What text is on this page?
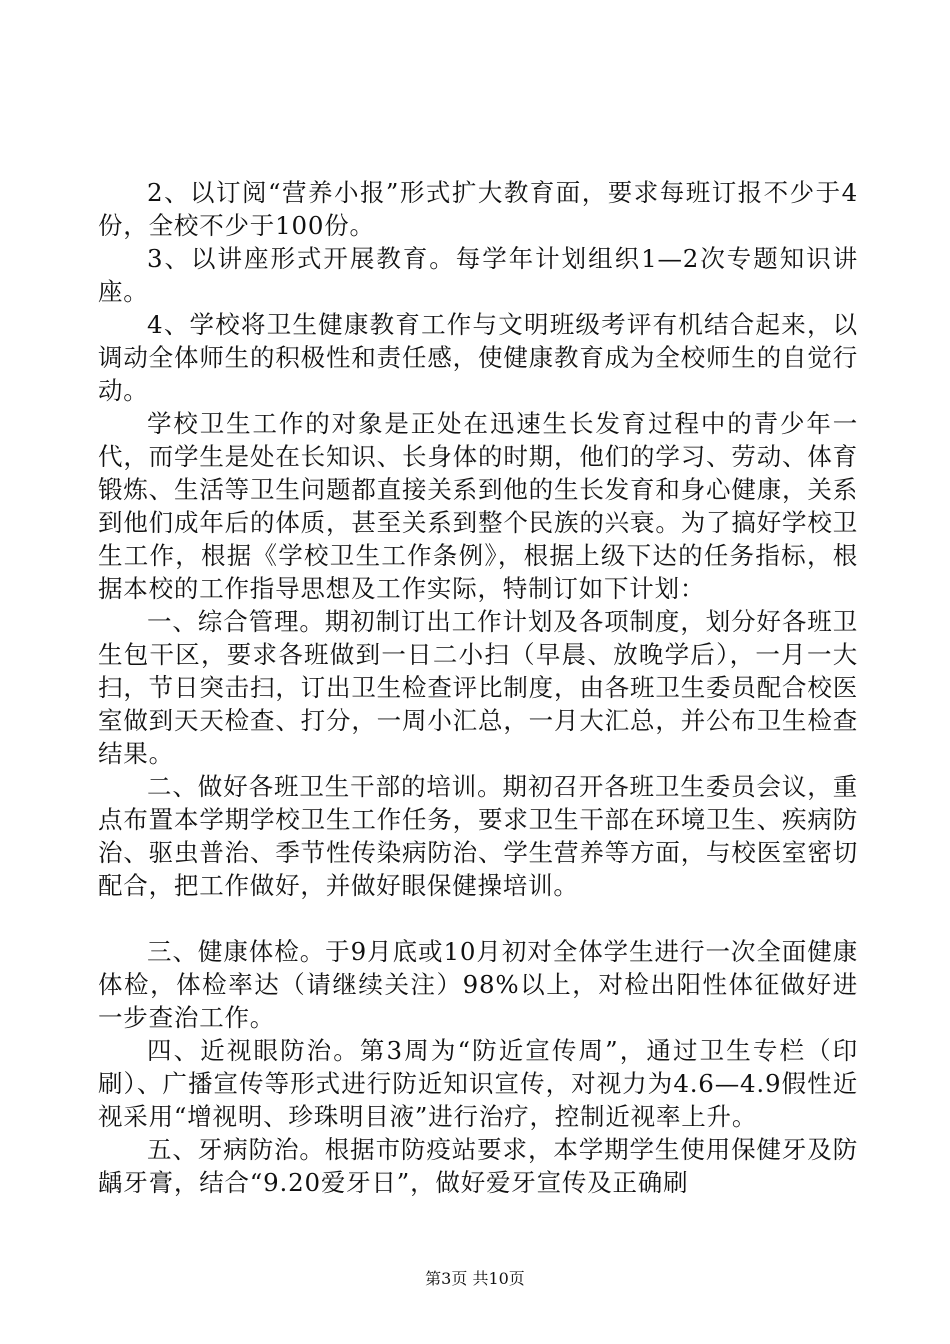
2、以订阅“营养小报”形式扩大教育面，要求每班订报不少于4份，全校不少于100份。

3、以讲座形式开展教育。每学年计划组织1—2次专题知识讲座。

4、学校将卫生健康教育工作与文明班级考评有机结合起来，以调动全体师生的积极性和责任感，使健康教育成为全校师生的自觉行动。

学校卫生工作的对象是正处在迅速生长发育过程中的青少年一代，而学生是处在长知识、长身体的时期，他们的学习、劳动、体育锻炼、生活等卫生问题都直接关系到他的生长发育和身心健康，关系到他们成年后的体质，甚至关系到整个民族的兴衰。为了搞好学校卫生工作，根据《学校卫生工作条例》，根据上级下达的任务指标，根据本校的工作指导思想及工作实际，特制订如下计划：

一、综合管理。期初制订出工作计划及各项制度，划分好各班卫生包干区，要求各班做到一日二小扫（早晨、放晚学后），一月一大扫，节日突击扫，订出卫生检查评比制度，由各班卫生委员配合校医室做到天天检查、打分，一周小汇总，一月大汇总，并公布卫生检查结果。

二、做好各班卫生干部的培训。期初召开各班卫生委员会议，重点布置本学期学校卫生工作任务，要求卫生干部在环境卫生、疾病防治、驱虫普治、季节性传染病防治、学生营养等方面，与校医室密切配合，把工作做好，并做好眼保健操培训。

三、健康体检。于9月底或10月初对全体学生进行一次全面健康体检，体检率达（请继续关注）98%以上，对检出阳性体征做好进一步查治工作。

四、近视眼防治。第3周为“防近宣传周”，通过卫生专栏（印刷）、广播宣传等形式进行防近知识宣传，对视力为4.6—4.9假性近视采用“增视明、珍珠明目液”进行治疗，控制近视率上升。

五、牙病防治。根据市防疫站要求，本学期学生使用保健牙及防龋牙膏，结合“9.20爱牙日”，做好爱牙宣传及正确刷

第3页 共10页
